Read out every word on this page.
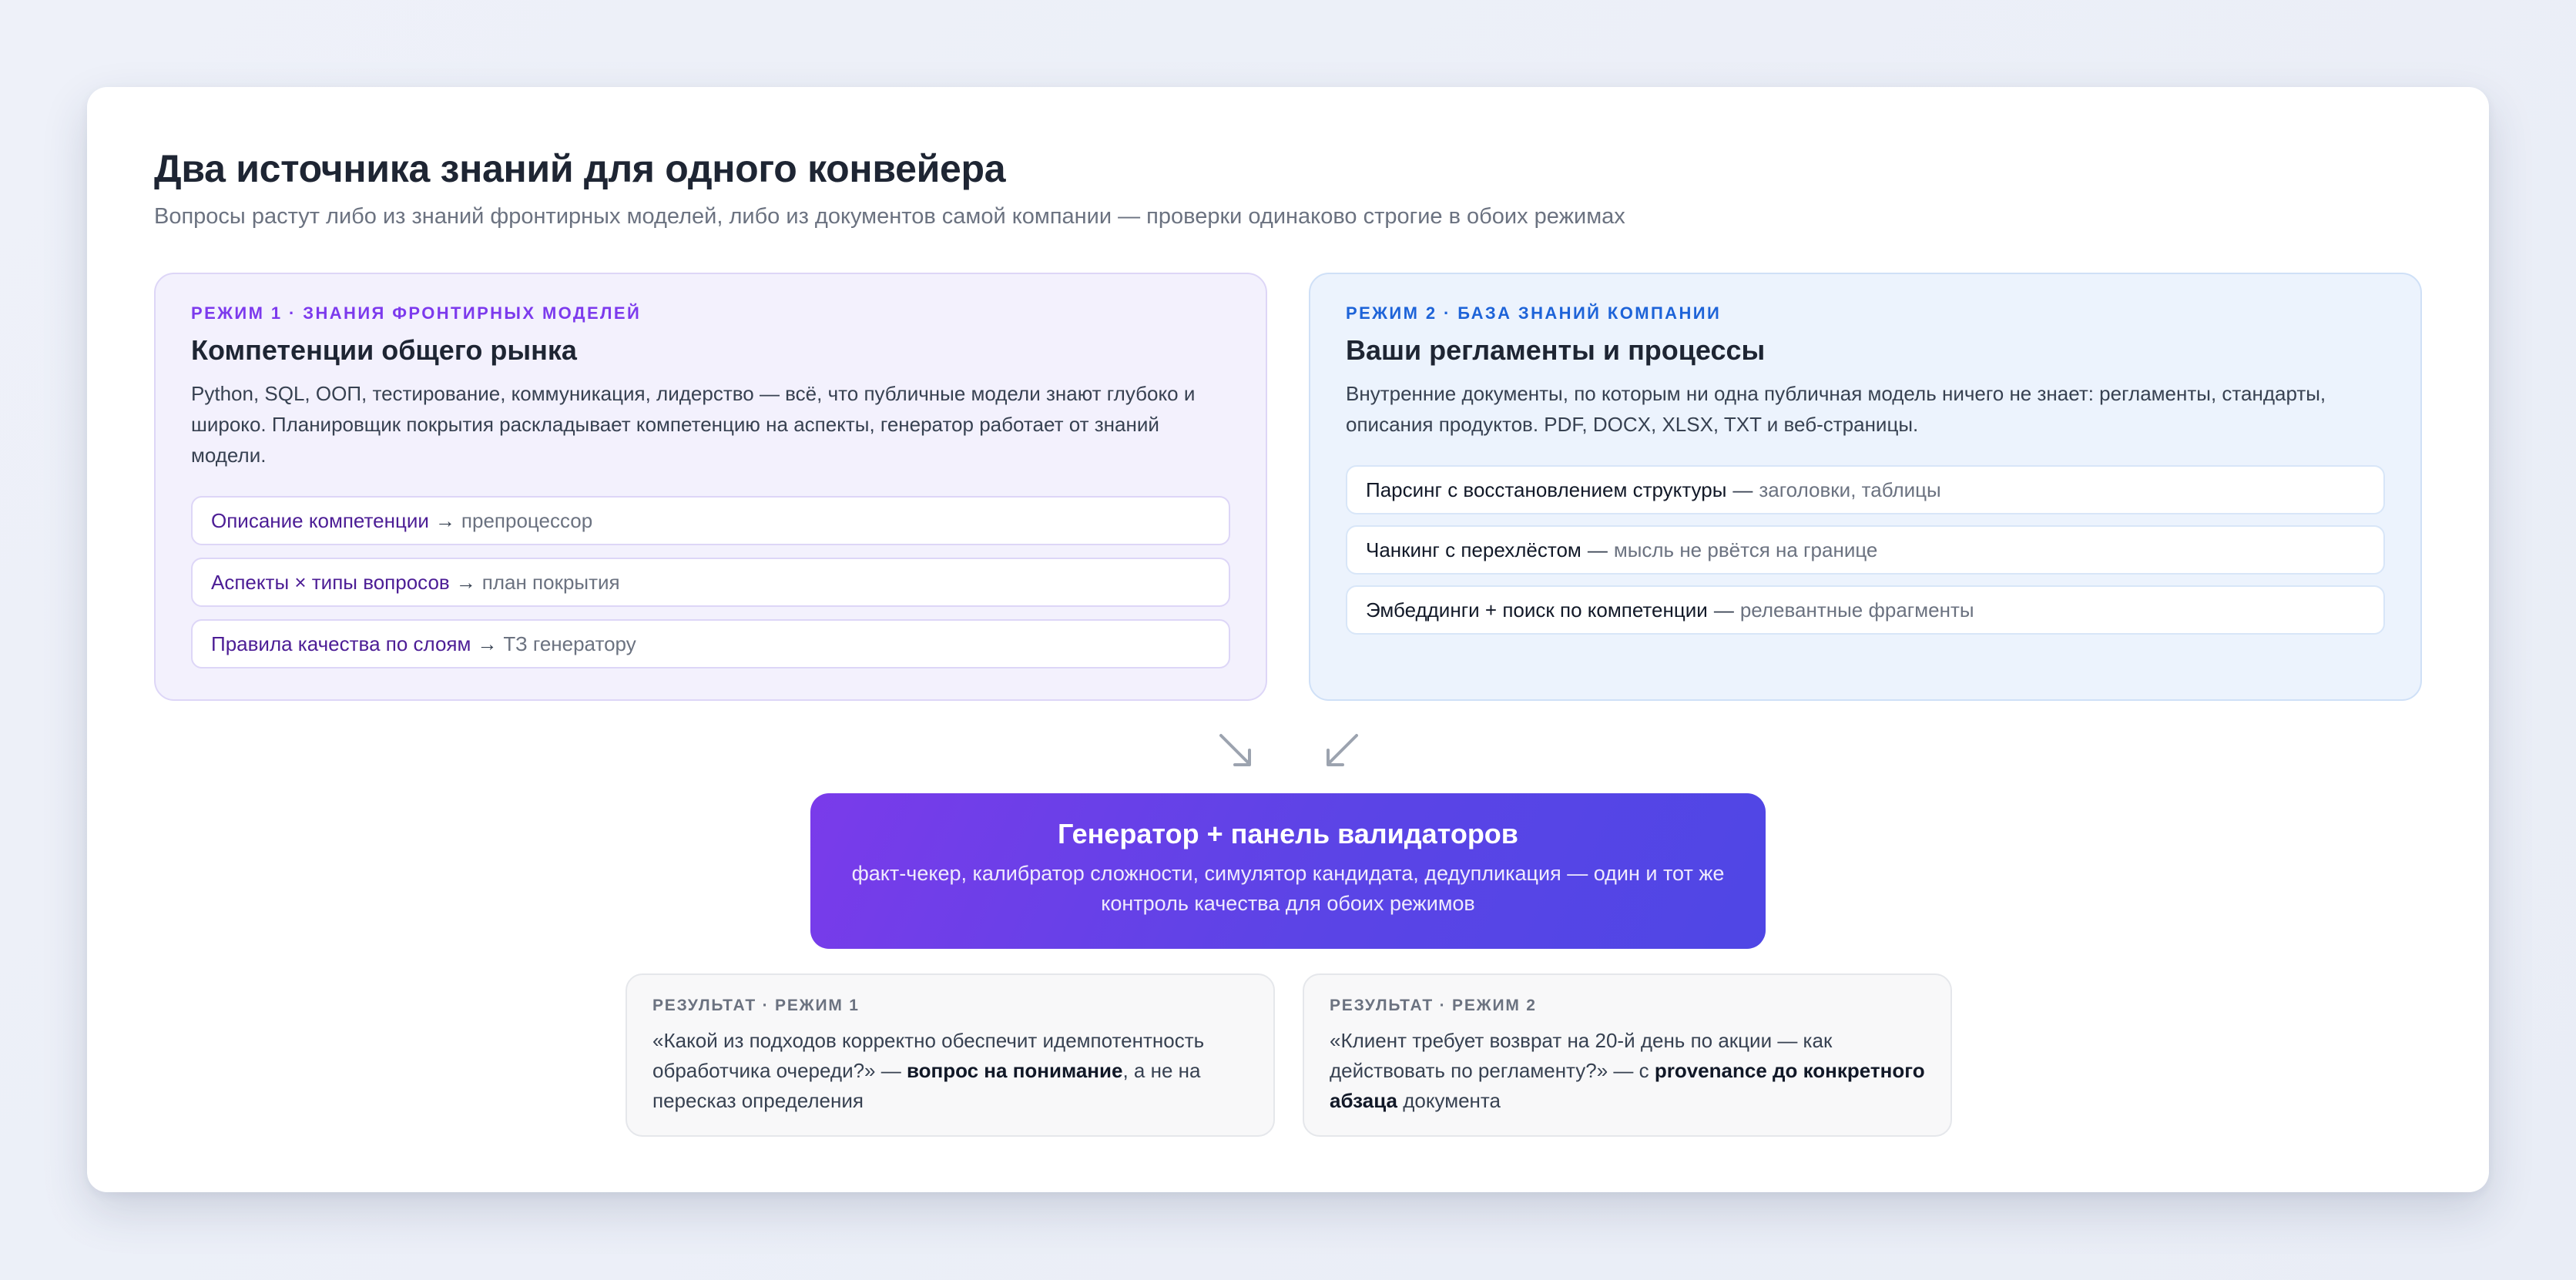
Два источника знаний для одного конвейера
Вопросы растут либо из знаний фронтирных моделей, либо из документов самой компании — проверки одинаково строгие в обоих режимах
РЕЖИМ 1 · ЗНАНИЯ ФРОНТИРНЫХ МОДЕЛЕЙ
Компетенции общего рынка
Python, SQL, ООП, тестирование, коммуникация, лидерство — всё, что публичные модели знают глубоко и широко. Планировщик покрытия раскладывает компетенцию на аспекты, генератор работает от знаний модели.
Описание компетенции → препроцессор
Аспекты × типы вопросов → план покрытия
Правила качества по слоям → ТЗ генератору
РЕЖИМ 2 · БАЗА ЗНАНИЙ КОМПАНИИ
Ваши регламенты и процессы
Внутренние документы, по которым ни одна публичная модель ничего не знает: регламенты, стандарты, описания продуктов. PDF, DOCX, XLSX, TXT и веб-страницы.
Парсинг с восстановлением структуры — заголовки, таблицы
Чанкинг с перехлёстом — мысль не рвётся на границе
Эмбеддинги + поиск по компетенции — релевантные фрагменты
Генератор + панель валидаторов
факт-чекер, калибратор сложности, симулятор кандидата, дедупликация — один и тот же контроль качества для обоих режимов
РЕЗУЛЬТАТ · РЕЖИМ 1
«Какой из подходов корректно обеспечит идемпотентность обработчика очереди?» — вопрос на понимание, а не на пересказ определения
РЕЗУЛЬТАТ · РЕЖИМ 2
«Клиент требует возврат на 20-й день по акции — как действовать по регламенту?» — с provenance до конкретного абзаца документа
